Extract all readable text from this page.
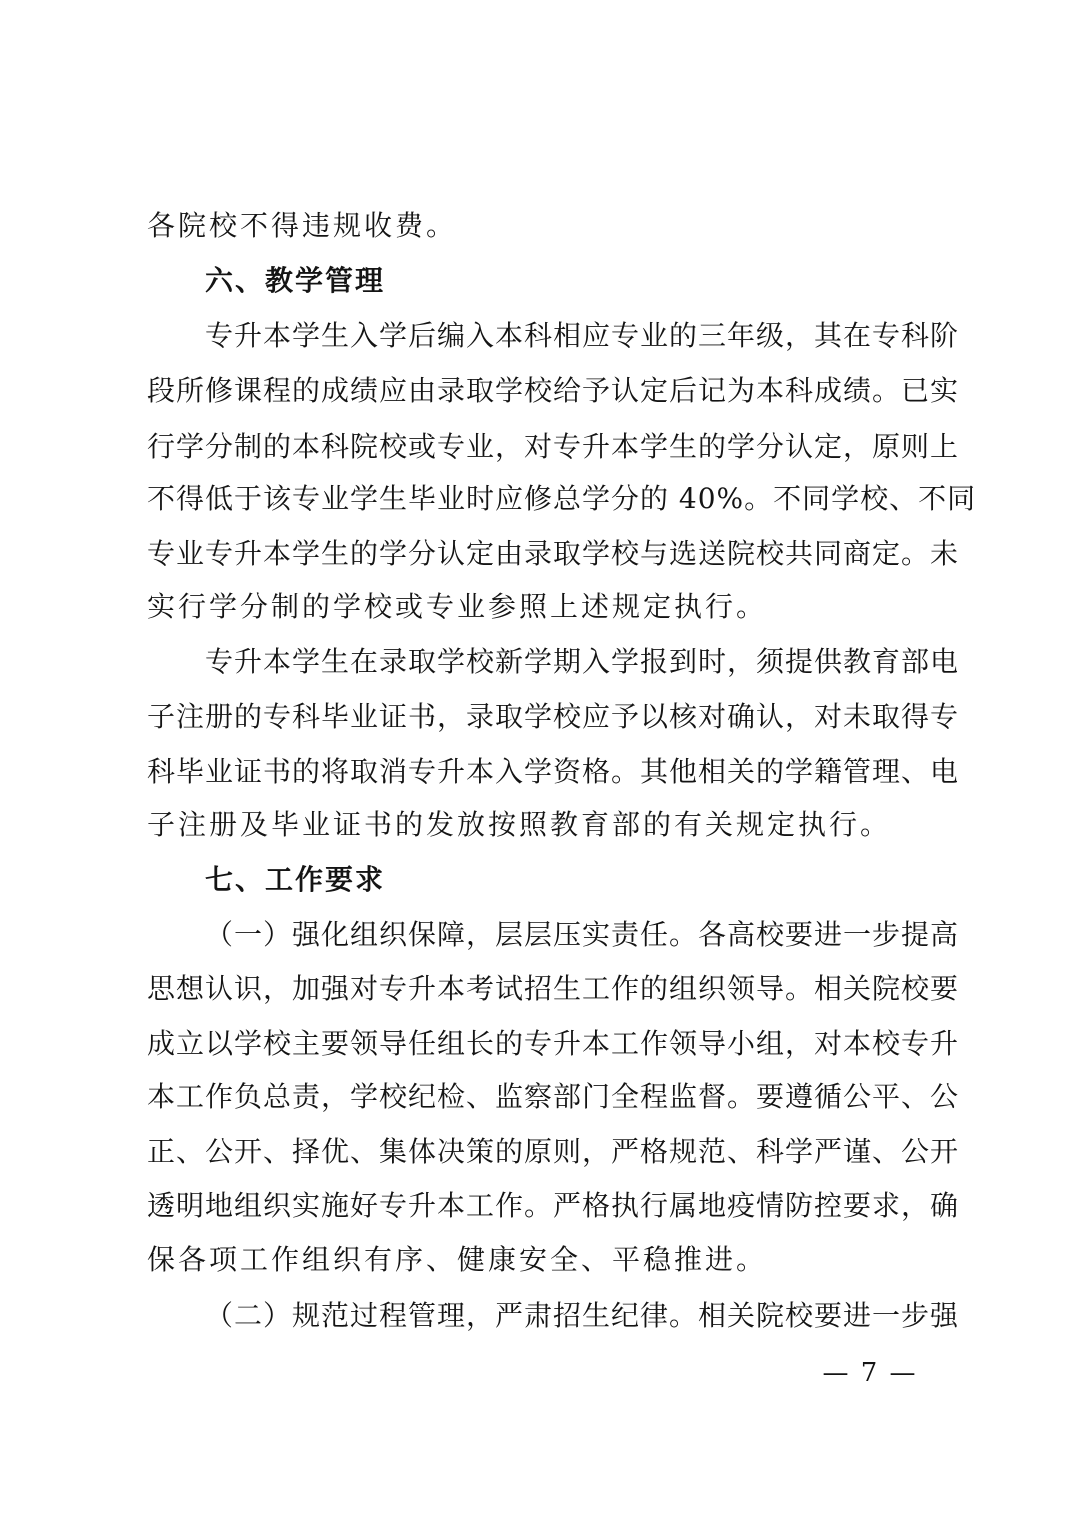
各院校不得违规收费。
六、教学管理
专升本学生入学后编入本科相应专业的三年级，其在专科阶
段所修课程的成绩应由录取学校给予认定后记为本科成绩。已实
行学分制的本科院校或专业，对专升本学生的学分认定，原则上
不得低于该专业学生毕业时应修总学分的 40%。不同学校、不同
专业专升本学生的学分认定由录取学校与选送院校共同商定。未
实行学分制的学校或专业参照上述规定执行。
专升本学生在录取学校新学期入学报到时，须提供教育部电
子注册的专科毕业证书，录取学校应予以核对确认，对未取得专
科毕业证书的将取消专升本入学资格。其他相关的学籍管理、电
子注册及毕业证书的发放按照教育部的有关规定执行。
七、工作要求
（一）强化组织保障，层层压实责任。各高校要进一步提高
思想认识，加强对专升本考试招生工作的组织领导。相关院校要
成立以学校主要领导任组长的专升本工作领导小组，对本校专升
本工作负总责，学校纪检、监察部门全程监督。要遵循公平、公
正、公开、择优、集体决策的原则，严格规范、科学严谨、公开
透明地组织实施好专升本工作。严格执行属地疫情防控要求，确
保各项工作组织有序、健康安全、平稳推进。
（二）规范过程管理，严肃招生纪律。相关院校要进一步强
— 7 —
